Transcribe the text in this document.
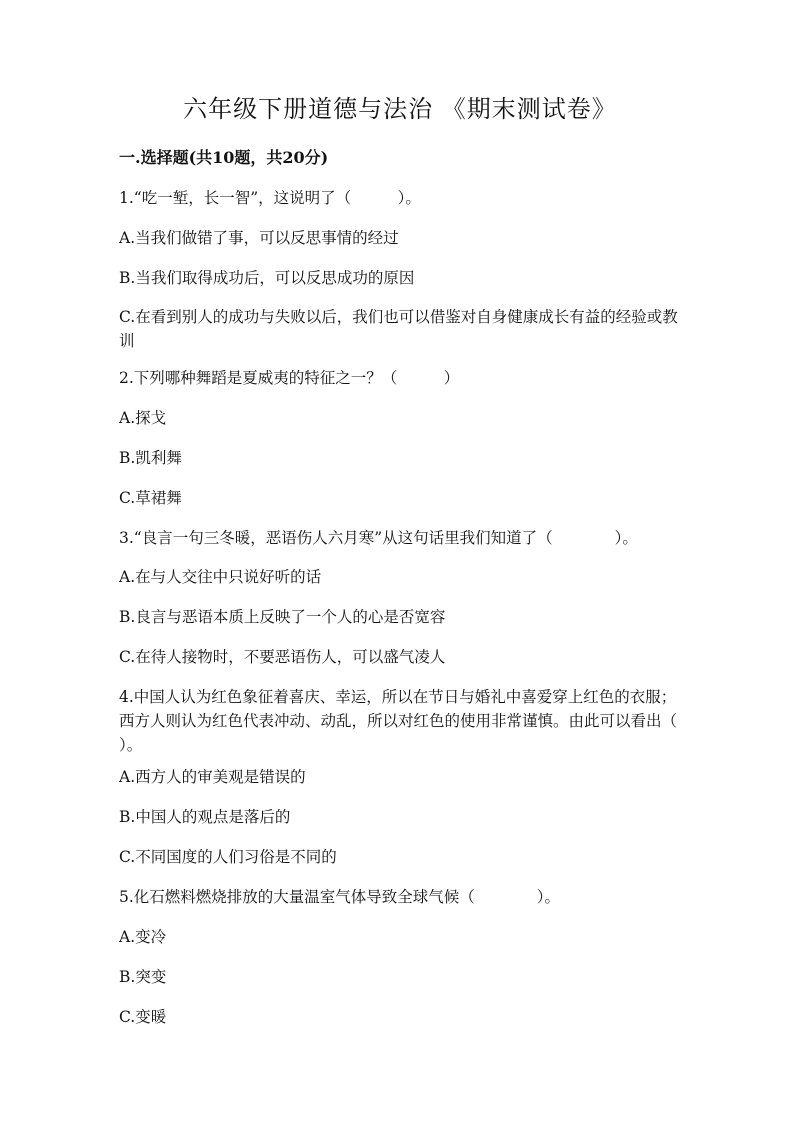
六年级下册道德与法治 《期末测试卷》
一.选择题(共10题，共20分)
1.“吃一堑，长一智”，这说明了（　　　）。
A.当我们做错了事，可以反思事情的经过
B.当我们取得成功后，可以反思成功的原因
C.在看到别人的成功与失败以后，我们也可以借鉴对自身健康成长有益的经验或教训
2.下列哪种舞蹈是夏威夷的特征之一？（　　　）
A.探戈
B.凯利舞
C.草裙舞
3.“良言一句三冬暖，恶语伤人六月寒”从这句话里我们知道了（　　　　）。
A.在与人交往中只说好听的话
B.良言与恶语本质上反映了一个人的心是否宽容
C.在待人接物时，不要恶语伤人，可以盛气凌人
4.中国人认为红色象征着喜庆、幸运，所以在节日与婚礼中喜爱穿上红色的衣服；西方人则认为红色代表冲动、动乱，所以对红色的使用非常谨慎。由此可以看出（　　　　　）。
A.西方人的审美观是错误的
B.中国人的观点是落后的
C.不同国度的人们习俗是不同的
5.化石燃料燃烧排放的大量温室气体导致全球气候（　　　　）。
A.变冷
B.突变
C.变暖
